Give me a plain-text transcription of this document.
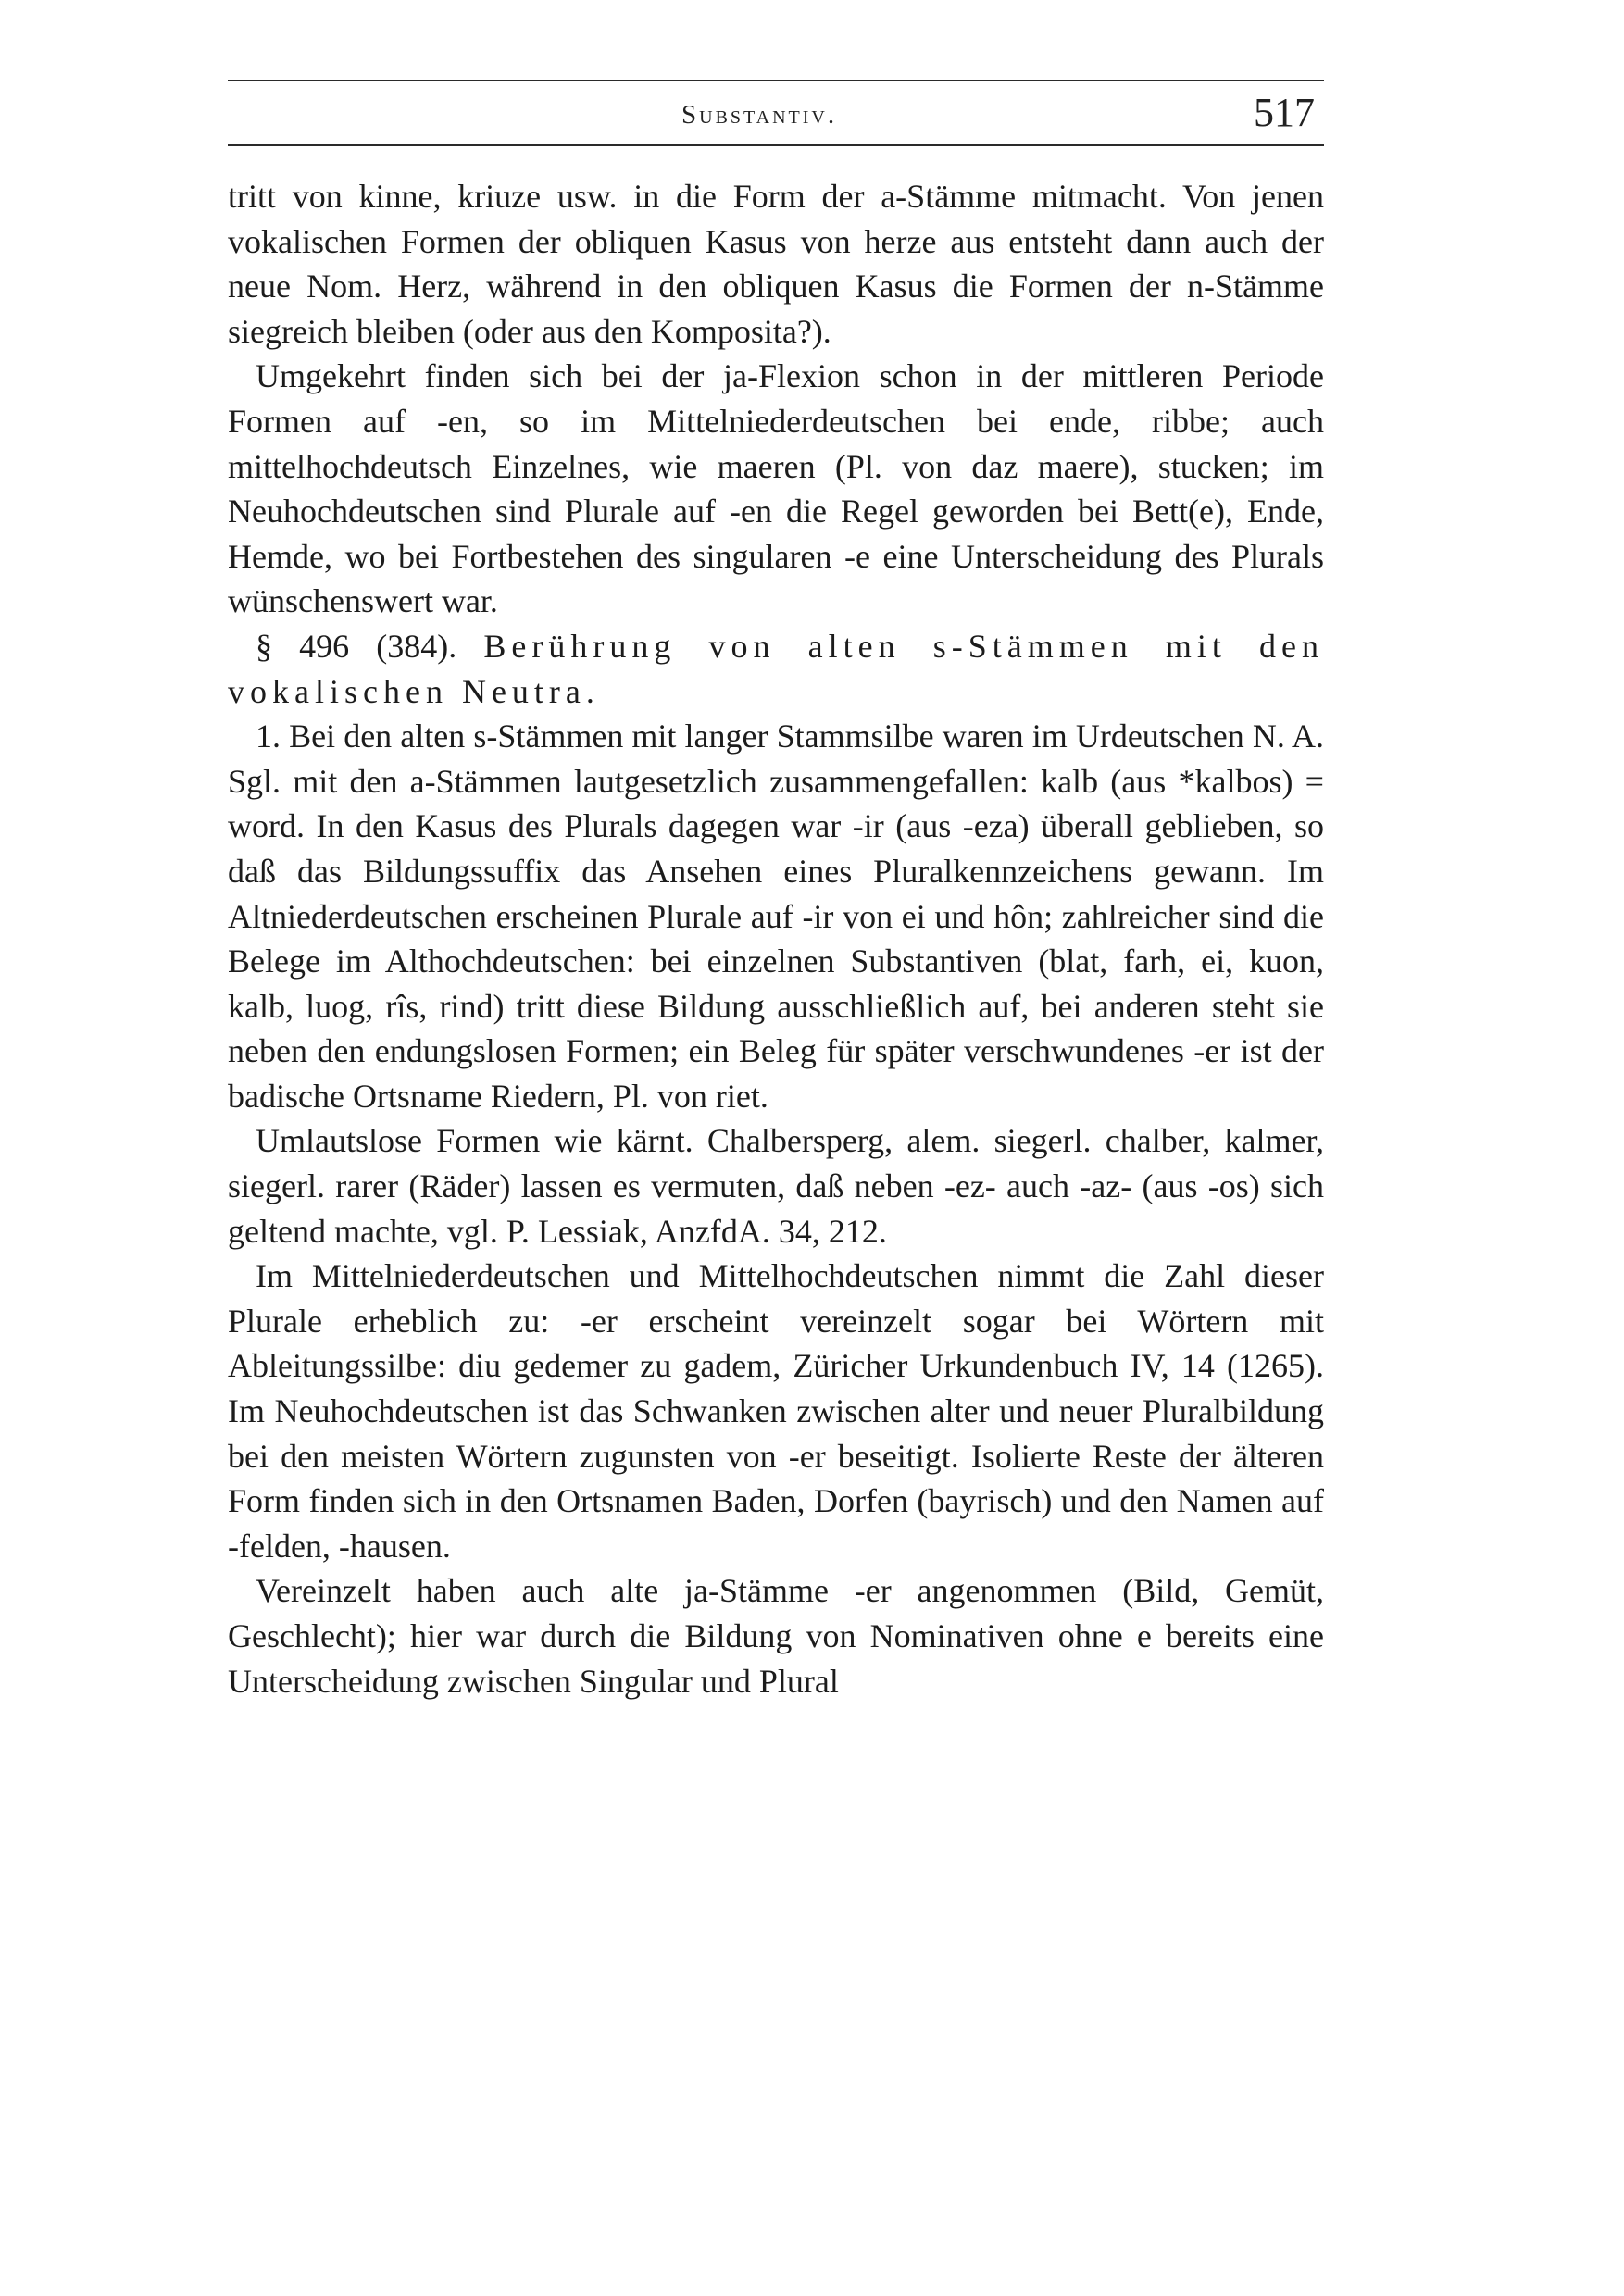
Substantiv.	517

tritt von kinne, kriuze usw. in die Form der a-Stämme mitmacht. Von jenen vokalischen Formen der obliquen Kasus von herze aus entsteht dann auch der neue Nom. Herz, während in den obliquen Kasus die Formen der n-Stämme siegreich bleiben (oder aus den Komposita?).

Umgekehrt finden sich bei der ja-Flexion schon in der mittleren Periode Formen auf -en, so im Mittelniederdeutschen bei ende, ribbe; auch mittelhochdeutsch Einzelnes, wie maeren (Pl. von daz maere), stucken; im Neuhochdeutschen sind Plurale auf -en die Regel geworden bei Bett(e), Ende, Hemde, wo bei Fortbestehen des singularen -e eine Unterscheidung des Plurals wünschenswert war.

§ 496 (384). Berührung von alten s-Stämmen mit den vokalischen Neutra.

1. Bei den alten s-Stämmen mit langer Stammsilbe waren im Urdeutschen N. A. Sgl. mit den a-Stämmen lautgesetzlich zusammengefallen: kalb (aus *kalbos) = word. In den Kasus des Plurals dagegen war -ir (aus -eza) überall geblieben, so daß das Bildungssuffix das Ansehen eines Pluralkennzeichens gewann. Im Altniederdeutschen erscheinen Plurale auf -ir von ei und hôn; zahlreicher sind die Belege im Althochdeutschen: bei einzelnen Substantiven (blat, farh, ei, kuon, kalb, luog, rîs, rind) tritt diese Bildung ausschließlich auf, bei anderen steht sie neben den endungslosen Formen; ein Beleg für später verschwundenes -er ist der badische Ortsname Riedern, Pl. von riet.

Umlautslose Formen wie kärnt. Chalbersperg, alem. siegerl. chalber, kalmer, siegerl. rarer (Räder) lassen es vermuten, daß neben -ez- auch -az- (aus -os) sich geltend machte, vgl. P. Lessiak, AnzfdA. 34, 212.

Im Mittelniederdeutschen und Mittelhochdeutschen nimmt die Zahl dieser Plurale erheblich zu: -er erscheint vereinzelt sogar bei Wörtern mit Ableitungssilbe: diu gedemer zu gadem, Züricher Urkundenbuch IV, 14 (1265). Im Neuhochdeutschen ist das Schwanken zwischen alter und neuer Pluralbildung bei den meisten Wörtern zugunsten von -er beseitigt. Isolierte Reste der älteren Form finden sich in den Ortsnamen Baden, Dorfen (bayrisch) und den Namen auf -felden, -hausen.

Vereinzelt haben auch alte ja-Stämme -er angenommen (Bild, Gemüt, Geschlecht); hier war durch die Bildung von Nominativen ohne e bereits eine Unterscheidung zwischen Singular und Plural
